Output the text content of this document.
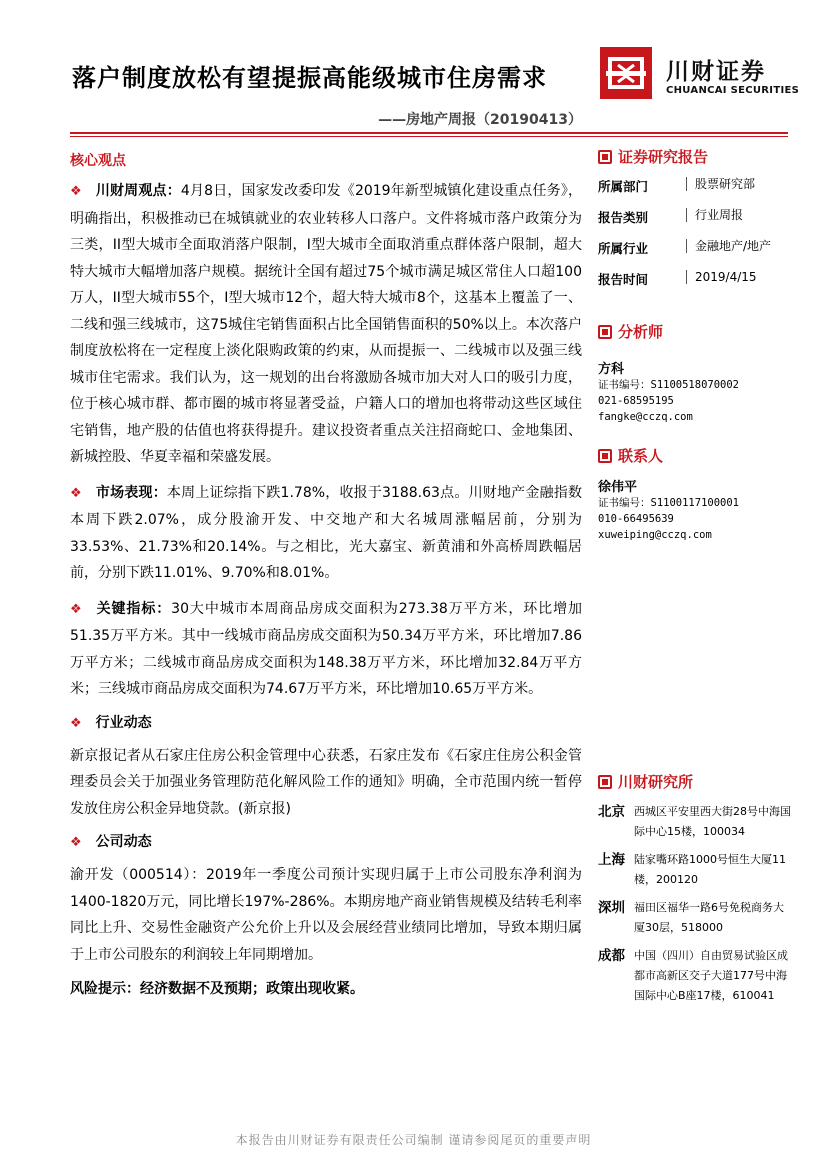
落户制度放松有望提振高能级城市住房需求
——房地产周报（20190413）
川财证券
CHUANCAI SECURITIES
核心观点

❖ 川财周观点：4月8日，国家发改委印发《2019年新型城镇化建设重点任务》，明确指出，积极推动已在城镇就业的农业转移人口落户。文件将城市落户政策分为三类，II型大城市全面取消落户限制，I型大城市全面取消重点群体落户限制，超大特大城市大幅增加落户规模。据统计全国有超过75个城市满足城区常住人口超100万人，II型大城市55个，I型大城市12个，超大特大城市8个，这基本上覆盖了一、二线和强三线城市，这75城住宅销售面积占比全国销售面积的50%以上。本次落户制度放松将在一定程度上淡化限购政策的约束，从而提振一、二线城市以及强三线城市住宅需求。我们认为，这一规划的出台将激励各城市加大对人口的吸引力度，位于核心城市群、都市圈的城市将显著受益，户籍人口的增加也将带动这些区域住宅销售，地产股的估值也将获得提升。建议投资者重点关注招商蛇口、金地集团、新城控股、华夏幸福和荣盛发展。

❖ 市场表现：本周上证综指下跌1.78%，收报于3188.63点。川财地产金融指数本周下跌2.07%，成分股渝开发、中交地产和大名城周涨幅居前，分别为33.53%、21.73%和20.14%。与之相比，光大嘉宝、新黄浦和外高桥周跌幅居前，分别下跌11.01%、9.70%和8.01%。

❖ 关键指标：30大中城市本周商品房成交面积为273.38万平方米，环比增加51.35万平方米。其中一线城市商品房成交面积为50.34万平方米，环比增加7.86万平方米；二线城市商品房成交面积为148.38万平方米，环比增加32.84万平方米；三线城市商品房成交面积为74.67万平方米，环比增加10.65万平方米。

❖ 行业动态

新京报记者从石家庄住房公积金管理中心获悉，石家庄发布《石家庄住房公积金管理委员会关于加强业务管理防范化解风险工作的通知》明确，全市范围内统一暂停发放住房公积金异地贷款。(新京报)

❖ 公司动态

渝开发（000514）：2019年一季度公司预计实现归属于上市公司股东净利润为1400-1820万元，同比增长197%-286%。本期房地产商业销售规模及结转毛利率同比上升、交易性金融资产公允价上升以及会展经营业绩同比增加，导致本期归属于上市公司股东的利润较上年同期增加。

风险提示：经济数据不及预期；政策出现收紧。
证券研究报告
所属部门	股票研究部
报告类别	行业周报
所属行业	金融地产/地产
报告时间	2019/4/15
分析师
方科
证书编号：S1100518070002
021-68595195
fangke@cczq.com
联系人
徐伟平
证书编号：S1100117100001
010-66495639
xuweiping@cczq.com
川财研究所
北京 西城区平安里西大街28号中海国际中心15楼，100034
上海 陆家嘴环路1000号恒生大厦11楼，200120
深圳 福田区福华一路6号免税商务大厦30层，518000
成都 中国（四川）自由贸易试验区成都市高新区交子大道177号中海国际中心B座17楼，610041
本报告由川财证券有限责任公司编制 谨请参阅尾页的重要声明
